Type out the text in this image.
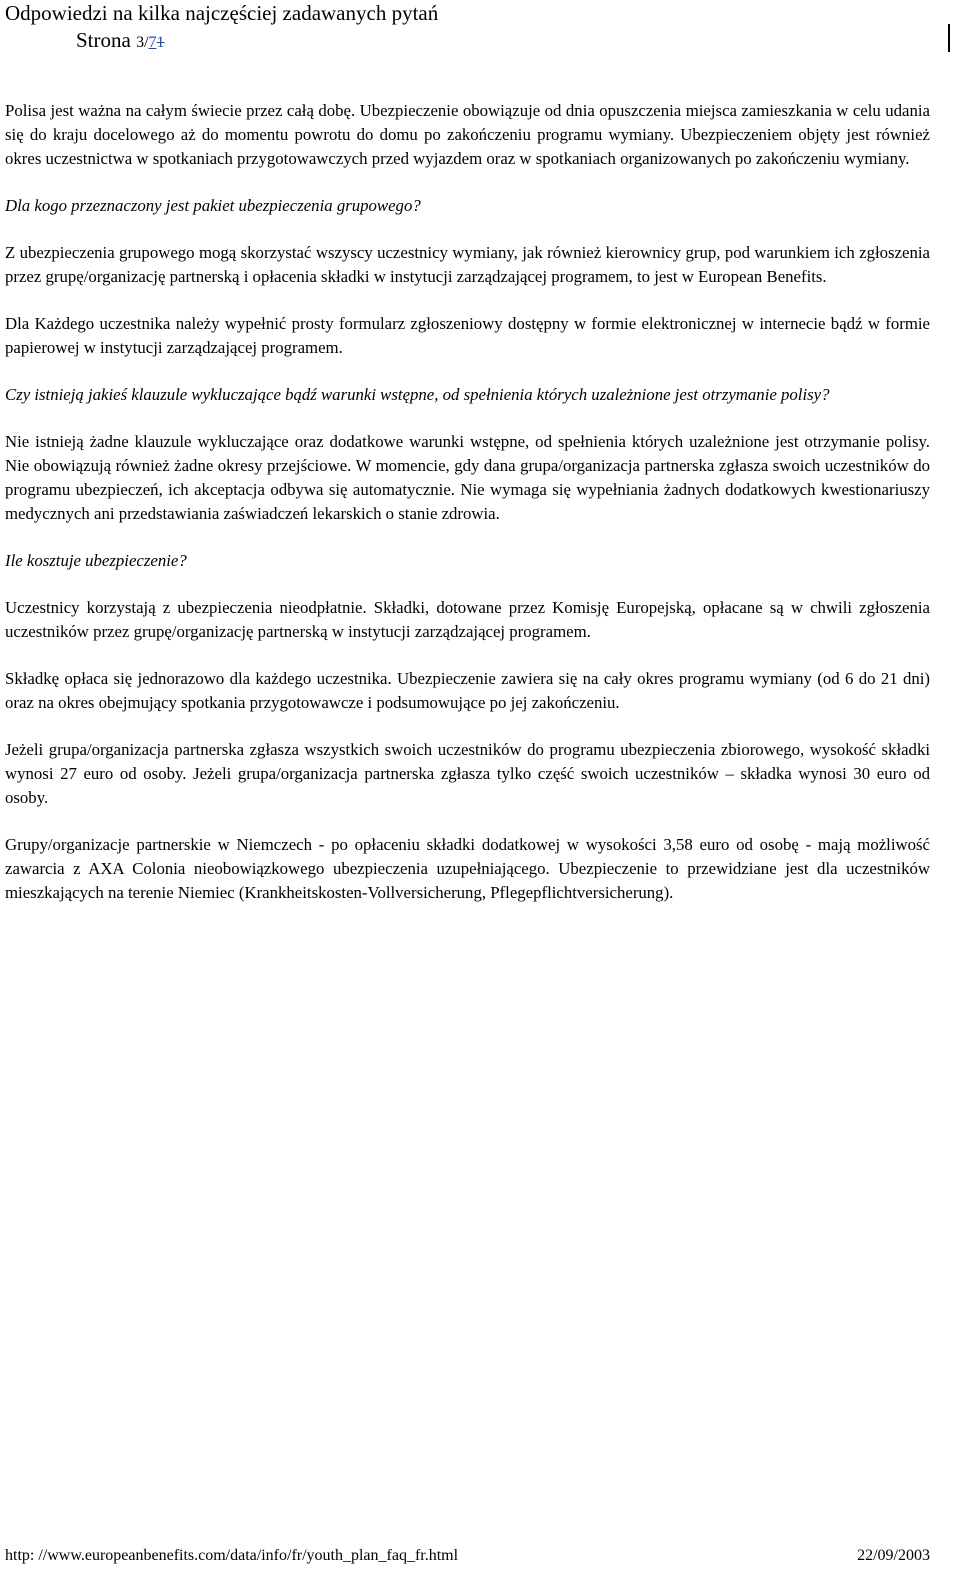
Odpowiedzi na kilka najczęściej zadawanych pytań
Strona 3/71

Polisa jest ważna na całym świecie przez całą dobę. Ubezpieczenie obowiązuje od dnia opuszczenia miejsca zamieszkania w celu udania się do kraju docelowego aż do momentu powrotu do domu po zakończeniu programu wymiany. Ubezpieczeniem objęty jest również okres uczestnictwa w spotkaniach przygotowawczych przed wyjazdem oraz w spotkaniach organizowanych po zakończeniu wymiany.

Dla kogo przeznaczony jest pakiet ubezpieczenia grupowego?

Z ubezpieczenia grupowego mogą skorzystać wszyscy uczestnicy wymiany, jak również kierownicy grup, pod warunkiem ich zgłoszenia przez grupę/organizację partnerską i opłacenia składki w instytucji zarządzającej programem, to jest w European Benefits.

Dla Każdego uczestnika należy wypełnić prosty formularz zgłoszeniowy dostępny w formie elektronicznej w internecie bądź w formie papierowej w instytucji zarządzającej programem.

Czy istnieją jakieś klauzule wykluczające bądź warunki wstępne, od spełnienia których uzależnione jest otrzymanie polisy?

Nie istnieją żadne klauzule wykluczające oraz dodatkowe warunki wstępne, od spełnienia których uzależnione jest otrzymanie polisy. Nie obowiązują również żadne okresy przejściowe. W momencie, gdy dana grupa/organizacja partnerska zgłasza swoich uczestników do programu ubezpieczeń, ich akceptacja odbywa się automatycznie. Nie wymaga się wypełniania żadnych dodatkowych kwestionariuszy medycznych ani przedstawiania zaświadczeń lekarskich o stanie zdrowia.

Ile kosztuje ubezpieczenie?

Uczestnicy korzystają z ubezpieczenia nieodpłatnie. Składki, dotowane przez Komisję Europejską, opłacane są w chwili zgłoszenia uczestników przez grupę/organizację partnerską w instytucji zarządzającej programem.

Składkę opłaca się jednorazowo dla każdego uczestnika. Ubezpieczenie zawiera się na cały okres programu wymiany (od 6 do 21 dni) oraz na okres obejmujący spotkania przygotowawcze i podsumowujące po jej zakończeniu.

Jeżeli grupa/organizacja partnerska zgłasza wszystkich swoich uczestników do programu ubezpieczenia zbiorowego, wysokość składki wynosi 27 euro od osoby. Jeżeli grupa/organizacja partnerska zgłasza tylko część swoich uczestników – składka wynosi 30 euro od osoby.

Grupy/organizacje partnerskie w Niemczech - po opłaceniu składki dodatkowej w wysokości 3,58 euro od osobę - mają możliwość zawarcia z AXA Colonia nieobowiązkowego ubezpieczenia uzupełniającego. Ubezpieczenie to przewidziane jest dla uczestników mieszkających na terenie Niemiec (Krankheitskosten-Vollversicherung, Pflegepflichtversicherung).

http: //www.europeanbenefits.com/data/info/fr/youth_plan_faq_fr.html	22/09/2003
